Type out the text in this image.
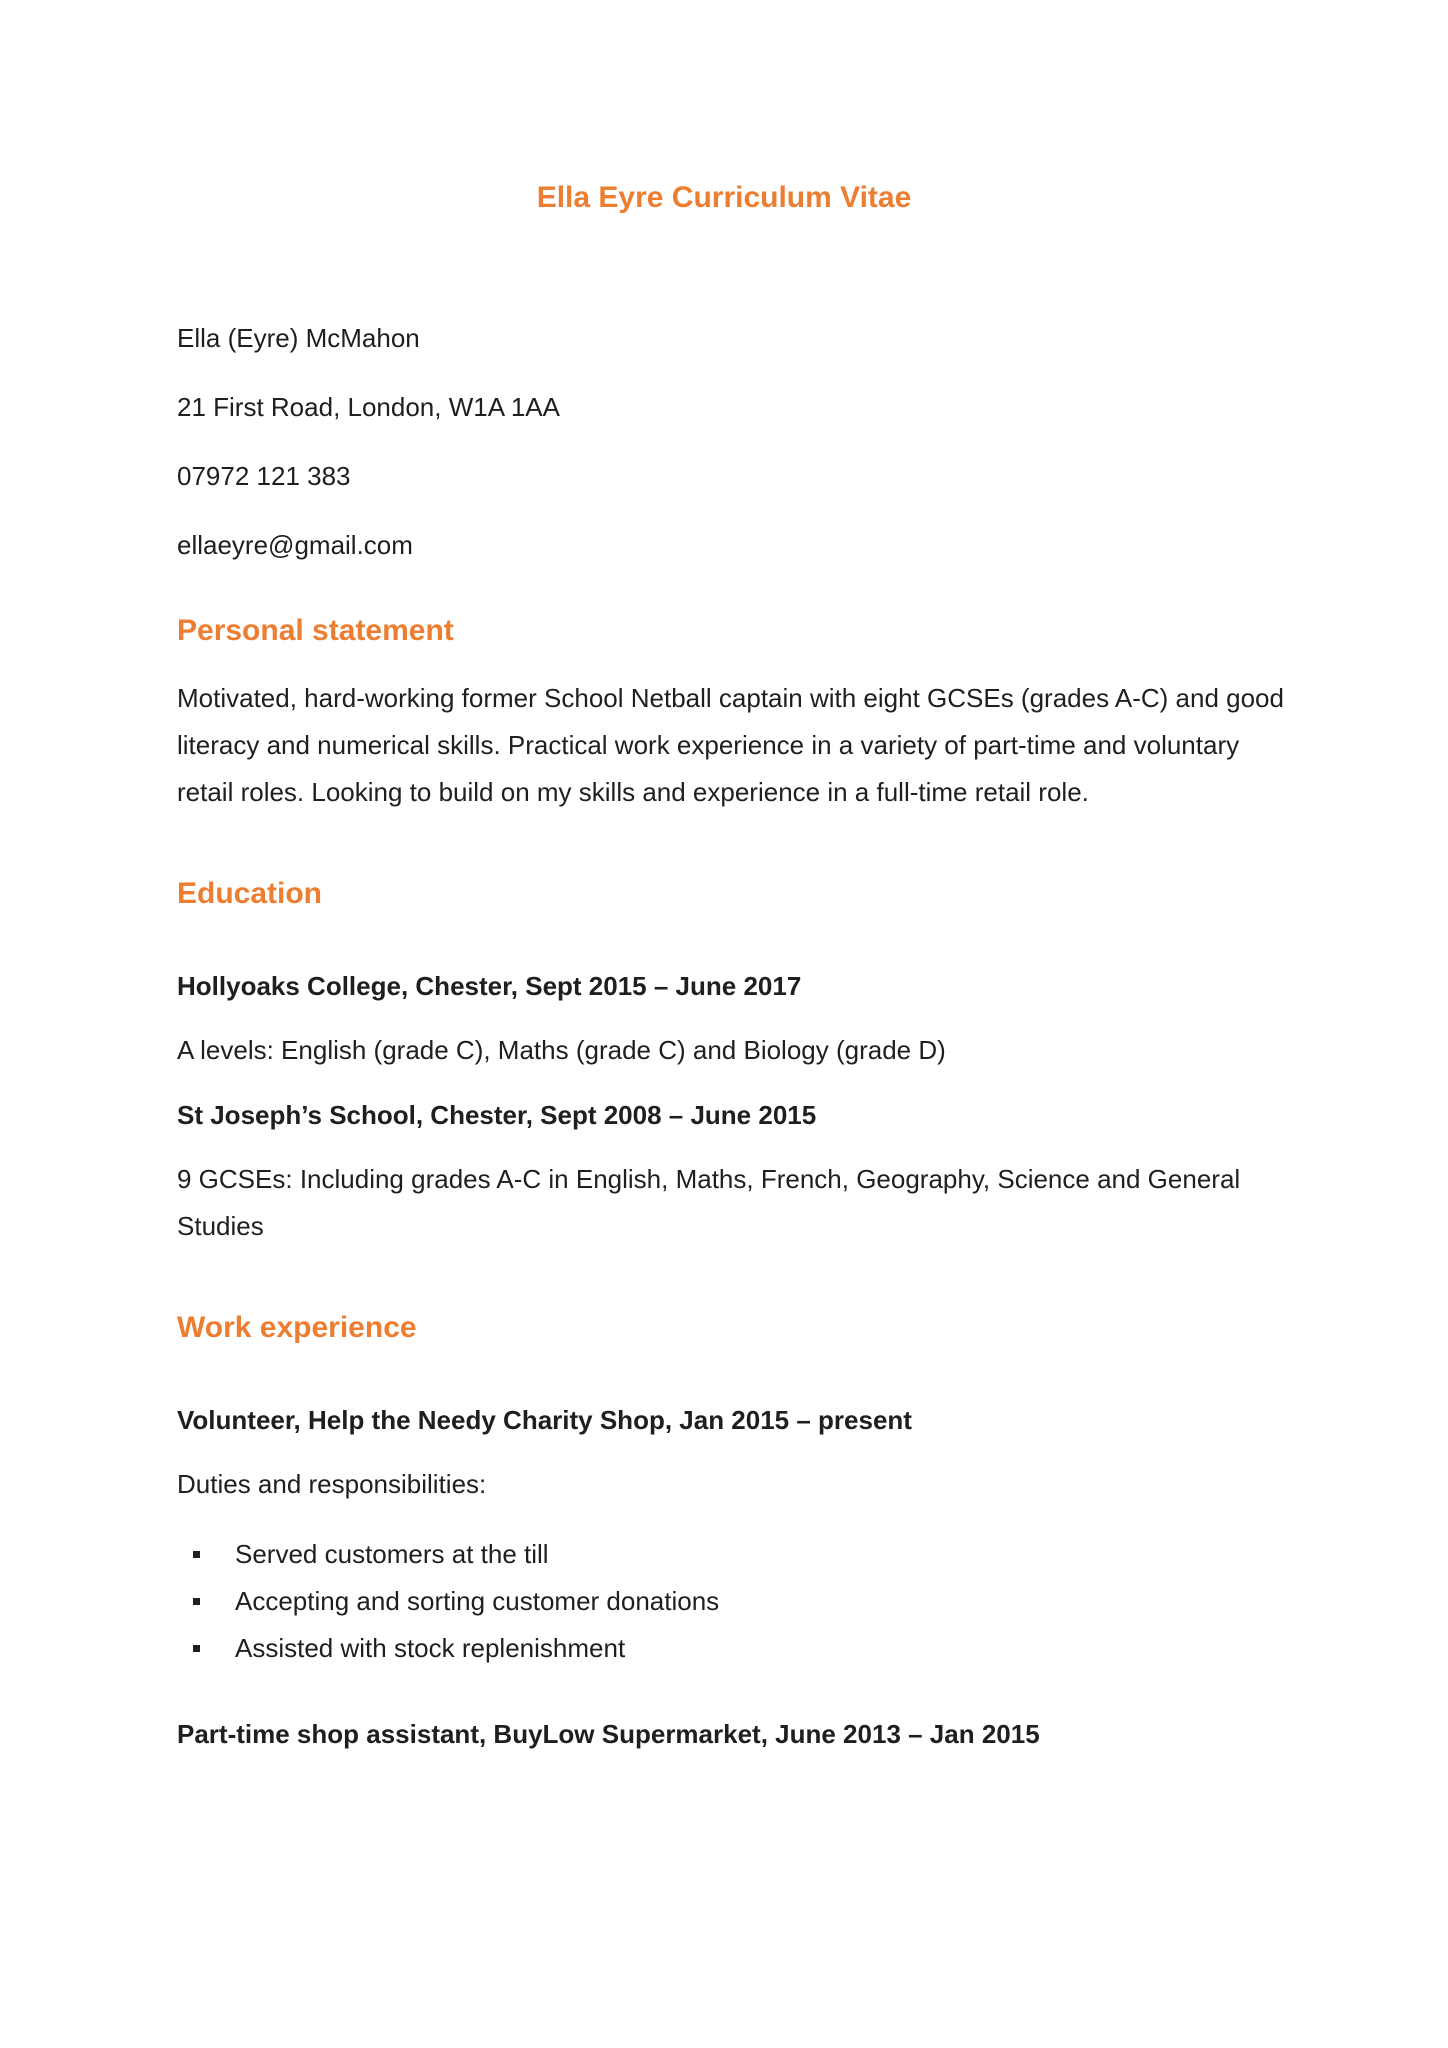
Ella Eyre Curriculum Vitae

Ella (Eyre) McMahon

21 First Road, London, W1A 1AA

07972 121 383

ellaeyre@gmail.com

Personal statement

Motivated, hard-working former School Netball captain with eight GCSEs (grades A-C) and good literacy and numerical skills. Practical work experience in a variety of part-time and voluntary retail roles. Looking to build on my skills and experience in a full-time retail role.

Education

Hollyoaks College, Chester, Sept 2015 – June 2017

A levels: English (grade C), Maths (grade C) and Biology (grade D)

St Joseph’s School, Chester, Sept 2008 – June 2015

9 GCSEs: Including grades A-C in English, Maths, French, Geography, Science and General Studies

Work experience

Volunteer, Help the Needy Charity Shop, Jan 2015 – present

Duties and responsibilities:

Served customers at the till
Accepting and sorting customer donations
Assisted with stock replenishment

Part-time shop assistant, BuyLow Supermarket, June 2013 – Jan 2015
